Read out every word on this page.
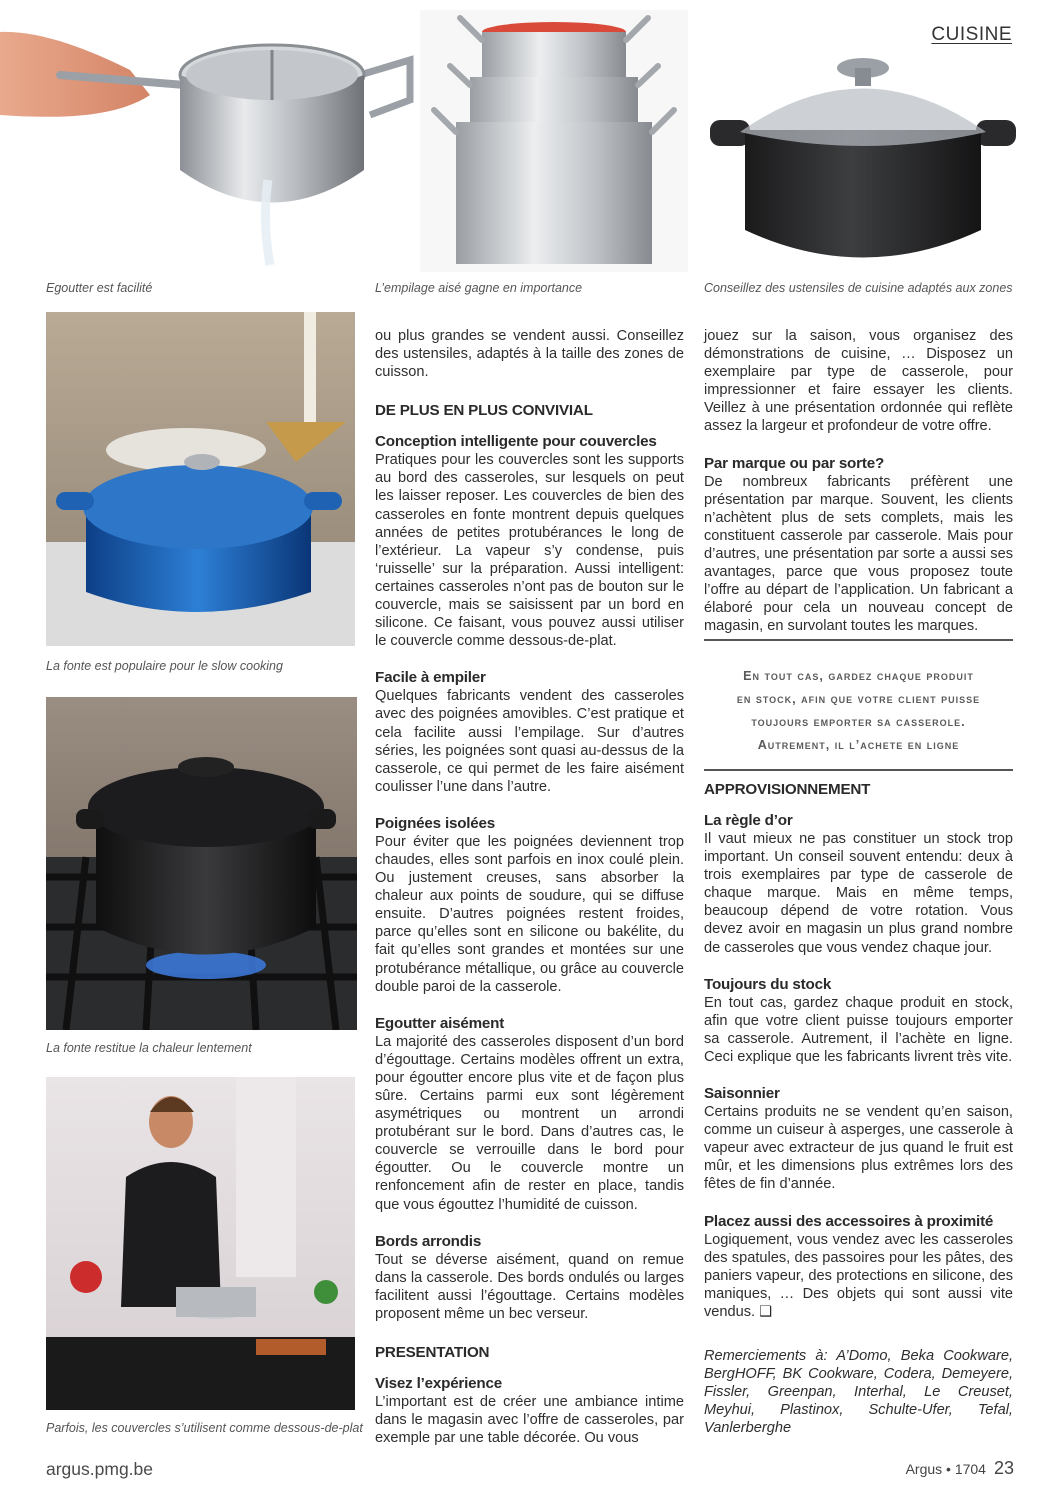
CUISINE
Egoutter est facilité	L’empilage aisé gagne en importance	Conseillez des ustensiles de cuisine adaptés aux zones
La fonte est populaire pour le slow cooking
La fonte restitue la chaleur lentement
Parfois, les couvercles s’utilisent comme dessous-de-plat

ou plus grandes se vendent aussi. Conseillez des ustensiles, adaptés à la taille des zones de cuisson.

DE PLUS EN PLUS CONVIVIAL
Conception intelligente pour couvercles

Pratiques pour les couvercles sont les supports au bord des casseroles, sur lesquels on peut les laisser reposer. Les couvercles de bien des casseroles en fonte montrent depuis quelques années de petites protubérances le long de l’extérieur. La vapeur s’y condense, puis ‘ruisselle’ sur la préparation. Aussi intelligent: certaines casseroles n’ont pas de bouton sur le couvercle, mais se saisissent par un bord en silicone. Ce faisant, vous pouvez aussi utiliser le couvercle comme dessous-de-plat.

Facile à empiler

Quelques fabricants vendent des casseroles avec des poignées amovibles. C’est pratique et cela facilite aussi l’empilage. Sur d’autres séries, les poignées sont quasi au-dessus de la casserole, ce qui permet de les faire aisément coulisser l’une dans l’autre.

Poignées isolées

Pour éviter que les poignées deviennent trop chaudes, elles sont parfois en inox coulé plein. Ou justement creuses, sans absorber la chaleur aux points de soudure, qui se diffuse ensuite. D’autres poignées restent froides, parce qu’elles sont en silicone ou bakélite, du fait qu’elles sont grandes et montées sur une protubérance métallique, ou grâce au couvercle double paroi de la casserole.

Egoutter aisément

La majorité des casseroles disposent d’un bord d’égouttage. Certains modèles offrent un extra, pour égoutter encore plus vite et de façon plus sûre. Certains parmi eux sont légèrement asymétriques ou montrent un arrondi protubérant sur le bord. Dans d’autres cas, le couvercle se verrouille dans le bord pour égoutter. Ou le couvercle montre un renfoncement afin de rester en place, tandis que vous égouttez l’humidité de cuisson.

Bords arrondis

Tout se déverse aisément, quand on remue dans la casserole. Des bords ondulés ou larges facilitent aussi l’égouttage. Certains modèles proposent même un bec verseur.

PRESENTATION
Visez l’expérience

L’important est de créer une ambiance intime dans le magasin avec l’offre de casseroles, par exemple par une table décorée. Ou vous

jouez sur la saison, vous organisez des démonstrations de cuisine, … Disposez un exemplaire par type de casserole, pour impressionner et faire essayer les clients. Veillez à une présentation ordonnée qui reflète assez la largeur et profondeur de votre offre.

Par marque ou par sorte?

De nombreux fabricants préfèrent une présentation par marque. Souvent, les clients n’achètent plus de sets complets, mais les constituent casserole par casserole. Mais pour d’autres, une présentation par sorte a aussi ses avantages, parce que vous proposez toute l’offre au départ de l’application. Un fabricant a élaboré pour cela un nouveau concept de magasin, en survolant toutes les marques.

En tout cas, gardez chaque produit
en stock, afin que votre client puisse
toujours emporter sa casserole.
Autrement, il l’achete en ligne
APPROVISIONNEMENT
La règle d’or

Il vaut mieux ne pas constituer un stock trop important. Un conseil souvent entendu: deux à trois exemplaires par type de casserole de chaque marque. Mais en même temps, beaucoup dépend de votre rotation. Vous devez avoir en magasin un plus grand nombre de casseroles que vous vendez chaque jour.

Toujours du stock

En tout cas, gardez chaque produit en stock, afin que votre client puisse toujours emporter sa casserole. Autrement, il l’achète en ligne. Ceci explique que les fabricants livrent très vite.

Saisonnier

Certains produits ne se vendent qu’en saison, comme un cuiseur à asperges, une casserole à vapeur avec extracteur de jus quand le fruit est mûr, et les dimensions plus extrêmes lors des fêtes de fin d’année.

Placez aussi des accessoires à proximité

Logiquement, vous vendez avec les casseroles des spatules, des passoires pour les pâtes, des paniers vapeur, des protections en silicone, des maniques, … Des objets qui sont aussi vite vendus. ❑

Remerciements à: A’Domo, Beka Cookware, BergHOFF, BK Cookware, Codera, Demeyere, Fissler, Greenpan, Interhal, Le Creuset, Meyhui, Plastinox, Schulte-Ufer, Tefal, Vanlerberghe

argus.pmg.be	Argus • 1704 23
